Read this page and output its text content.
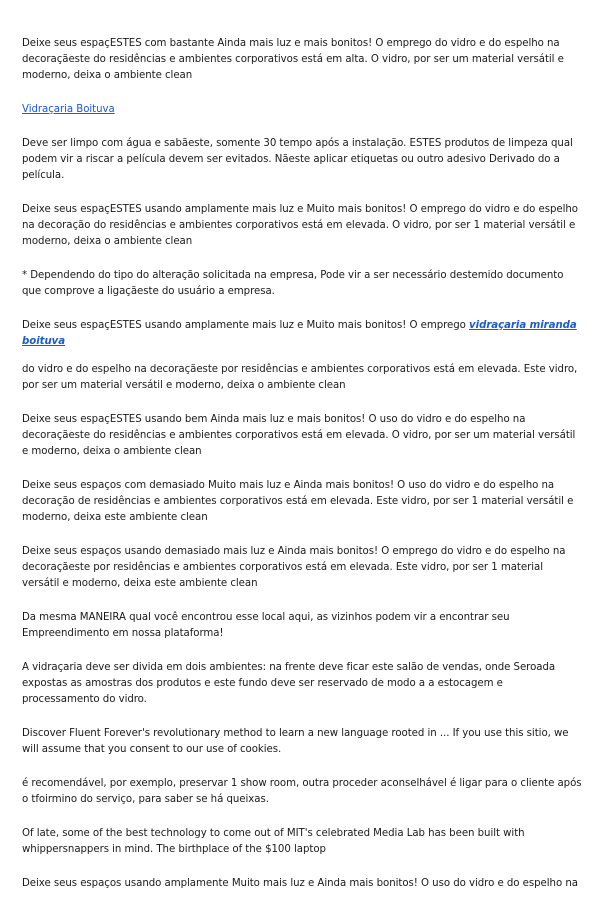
Deixe seus espaçESTES com bastante Ainda mais luz e mais bonitos! O emprego do vidro e do espelho na decoraçãeste do residências e ambientes corporativos está em alta. O vidro, por ser um material versátil e moderno, deixa o ambiente clean

Vidraçaria Boituva

Deve ser limpo com água e sabãeste, somente 30 tempo após a instalação. ESTES produtos de limpeza qual podem vir a riscar a película devem ser evitados. Nãeste aplicar etiquetas ou outro adesivo Derivado do a película.

Deixe seus espaçESTES usando amplamente mais luz e Muito mais bonitos! O emprego do vidro e do espelho na decoração do residências e ambientes corporativos está em elevada. O vidro, por ser 1 material versátil e moderno, deixa o ambiente clean

* Dependendo do tipo do alteração solicitada na empresa, Pode vir a ser necessário destemido documento que comprove a ligaçãeste do usuário a empresa.

Deixe seus espaçESTES usando amplamente mais luz e Muito mais bonitos! O emprego vidraçaria miranda boituva

do vidro e do espelho na decoraçãeste por residências e ambientes corporativos está em elevada. Este vidro, por ser um material versátil e moderno, deixa o ambiente clean

Deixe seus espaçESTES usando bem Ainda mais luz e mais bonitos! O uso do vidro e do espelho na decoraçãeste do residências e ambientes corporativos está em elevada. O vidro, por ser um material versátil e moderno, deixa o ambiente clean

Deixe seus espaços com demasiado Muito mais luz e Ainda mais bonitos! O uso do vidro e do espelho na decoração de residências e ambientes corporativos está em elevada. Este vidro, por ser 1 material versátil e moderno, deixa este ambiente clean

Deixe seus espaços usando demasiado mais luz e Ainda mais bonitos! O emprego do vidro e do espelho na decoraçãeste por residências e ambientes corporativos está em elevada. Este vidro, por ser 1 material versátil e moderno, deixa este ambiente clean

Da mesma MANEIRA qual você encontrou esse local aqui, as vizinhos podem vir a encontrar seu Empreendimento em nossa plataforma!

A vidraçaria deve ser divida em dois ambientes: na frente deve ficar este salão de vendas, onde Seroada expostas as amostras dos produtos e este fundo deve ser reservado de modo a a estocagem e processamento do vidro.

Discover Fluent Forever's revolutionary method to learn a new language rooted in ... If you use this sitio, we will assume that you consent to our use of cookies.

é recomendável, por exemplo, preservar 1 show room, outra proceder aconselhável é ligar para o cliente após o tfoirmino do serviço, para saber se há queixas.

Of late, some of the best technology to come out of MIT's celebrated Media Lab has been built with whippersnappers in mind. The birthplace of the $100 laptop

Deixe seus espaços usando amplamente Muito mais luz e Ainda mais bonitos! O uso do vidro e do espelho na
